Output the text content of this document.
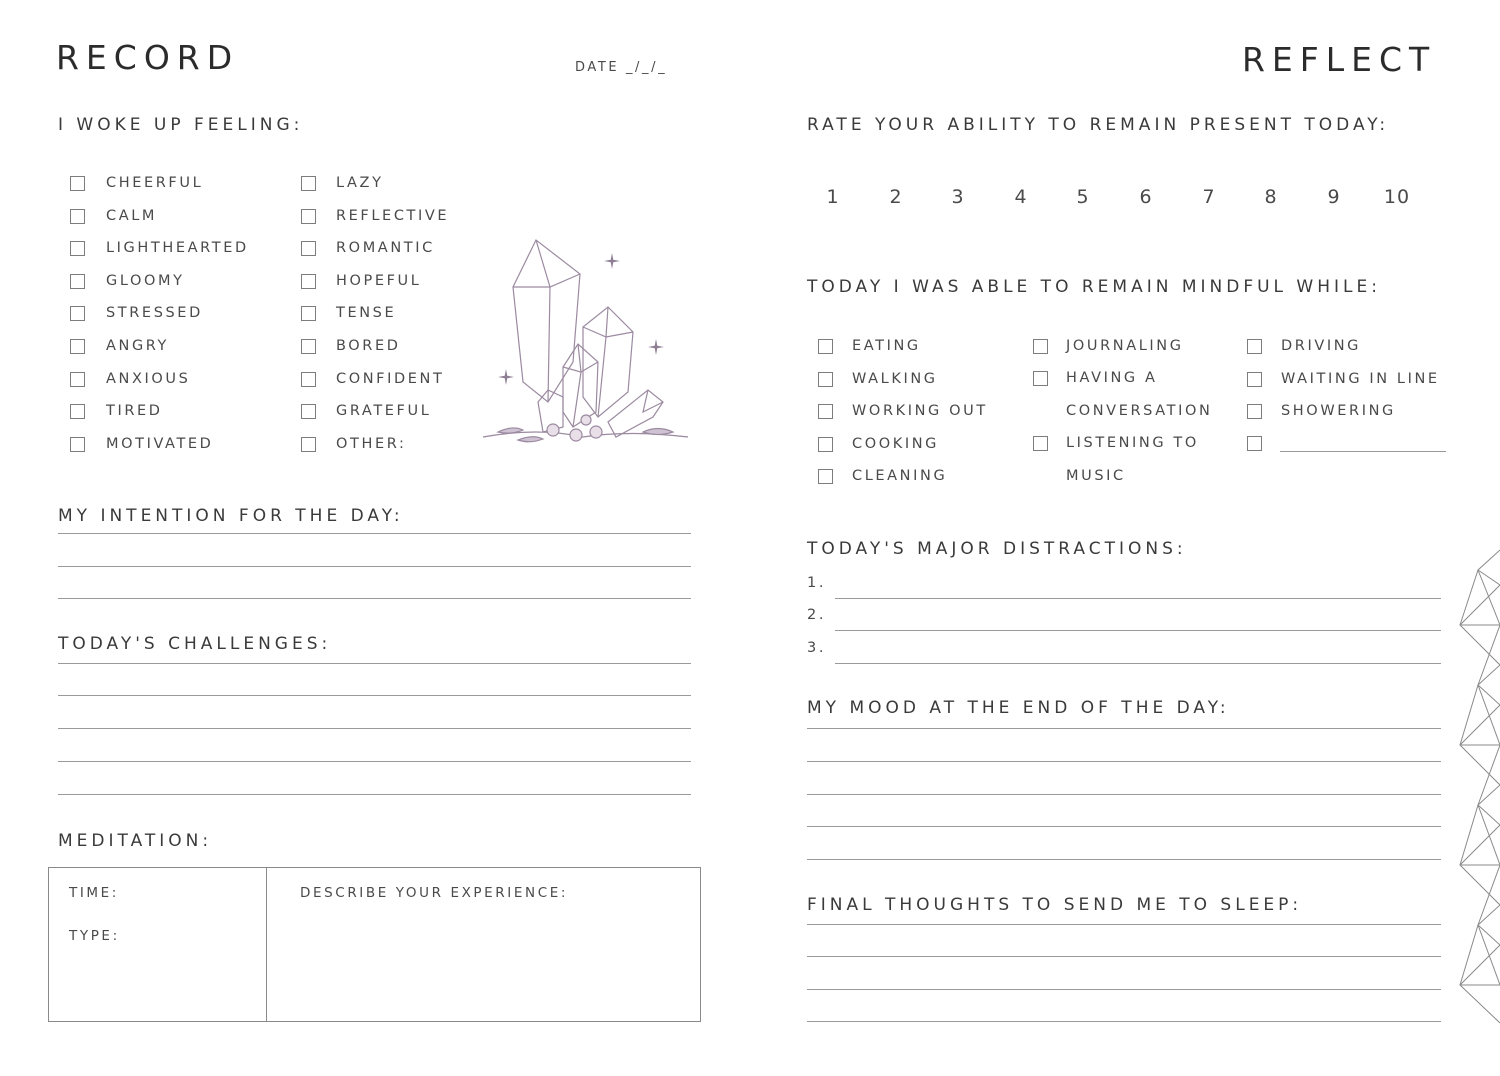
RECORD	DATE _/_/_
I WOKE UP FEELING:
CHEERFUL
CALM
LIGHTHEARTED
GLOOMY
STRESSED
ANGRY
ANXIOUS
TIRED
MOTIVATED
LAZY
REFLECTIVE
ROMANTIC
HOPEFUL
TENSE
BORED
CONFIDENT
GRATEFUL
OTHER:
MY INTENTION FOR THE DAY:
TODAY'S CHALLENGES:
MEDITATION:
TIME:
TYPE:
DESCRIBE YOUR EXPERIENCE:
REFLECT
RATE YOUR ABILITY TO REMAIN PRESENT TODAY:
1	2	3	4	5	6	7	8	9	10
TODAY I WAS ABLE TO REMAIN MINDFUL WHILE:
EATING
WALKING
WORKING OUT
COOKING
CLEANING
JOURNALING
HAVING A
CONVERSATION
LISTENING TO
MUSIC
DRIVING
WAITING IN LINE
SHOWERING
TODAY'S MAJOR DISTRACTIONS:
1.
2.
3.
MY MOOD AT THE END OF THE DAY:
FINAL THOUGHTS TO SEND ME TO SLEEP:
